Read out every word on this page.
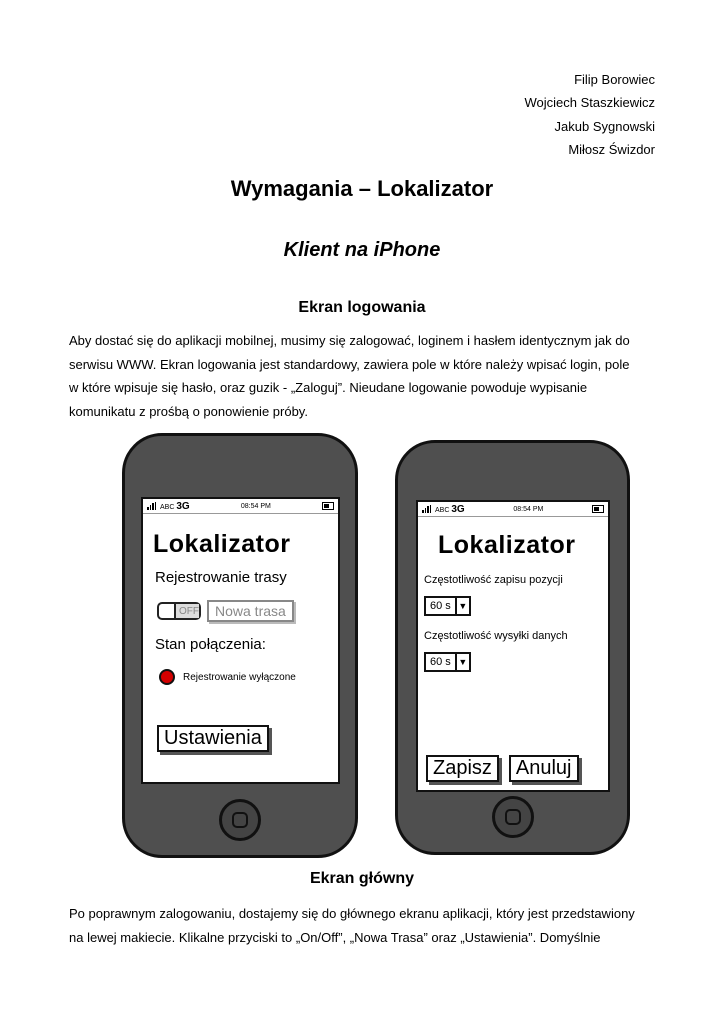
Filip Borowiec
Wojciech Staszkiewicz
Jakub Sygnowski
Miłosz Świzdor
Wymagania – Lokalizator
Klient na iPhone
Ekran logowania
Aby dostać się do aplikacji mobilnej, musimy się zalogować, loginem i hasłem identycznym jak do
serwisu WWW. Ekran logowania jest standardowy, zawiera pole w które należy wpisać login, pole
w które wpisuje się hasło, oraz guzik - „Zaloguj”. Nieudane logowanie powoduje wypisanie
komunikatu z prośbą o ponowienie próby.
ABC 3G	08:54 PM
Lokalizator
Rejestrowanie trasy
OFF	Nowa trasa
Stan połączenia:
Rejestrowanie wyłączone
Ustawienia
ABC 3G	08:54 PM
Lokalizator
Częstotliwość zapisu pozycji
60 s ▼
Częstotliwość wysyłki danych
60 s ▼
Zapisz	Anuluj
Ekran główny
Po poprawnym zalogowaniu, dostajemy się do głównego ekranu aplikacji, który jest przedstawiony
na lewej makiecie. Klikalne przyciski to „On/Off”, „Nowa Trasa” oraz „Ustawienia”. Domyślnie
